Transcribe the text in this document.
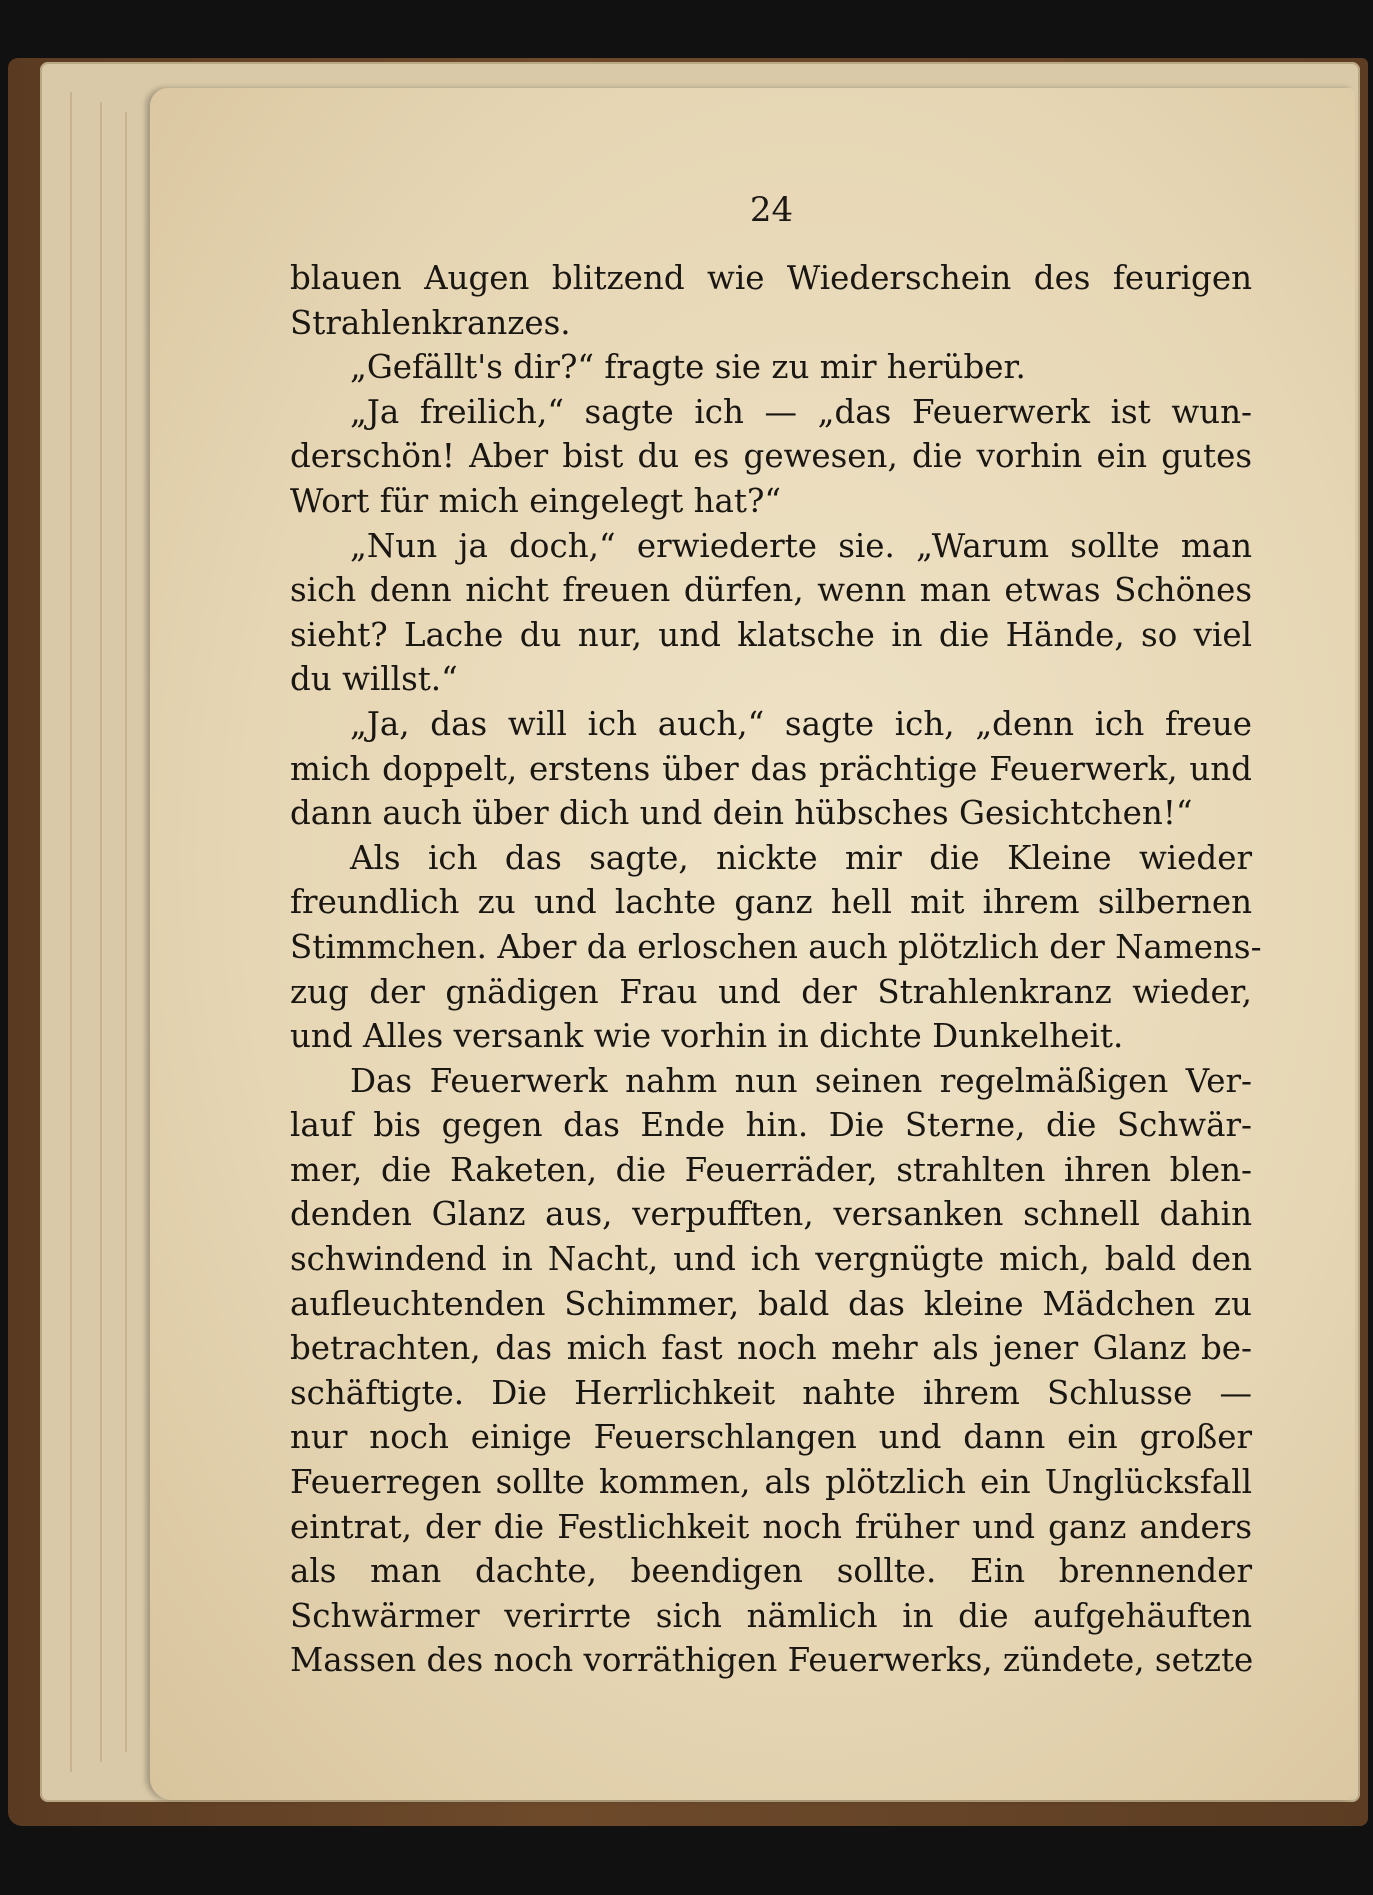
24
blauen Augen blitzend wie Wiederschein des feurigen
Strahlenkranzes.
„Gefällt's dir?“ fragte sie zu mir herüber.
„Ja freilich,“ sagte ich — „das Feuerwerk ist wun-
derschön! Aber bist du es gewesen, die vorhin ein gutes
Wort für mich eingelegt hat?“
„Nun ja doch,“ erwiederte sie. „Warum sollte man
sich denn nicht freuen dürfen, wenn man etwas Schönes
sieht? Lache du nur, und klatsche in die Hände, so viel
du willst.“
„Ja, das will ich auch,“ sagte ich, „denn ich freue
mich doppelt, erstens über das prächtige Feuerwerk, und
dann auch über dich und dein hübsches Gesichtchen!“
Als ich das sagte, nickte mir die Kleine wieder
freundlich zu und lachte ganz hell mit ihrem silbernen
Stimmchen. Aber da erloschen auch plötzlich der Namens-
zug der gnädigen Frau und der Strahlenkranz wieder,
und Alles versank wie vorhin in dichte Dunkelheit.
Das Feuerwerk nahm nun seinen regelmäßigen Ver-
lauf bis gegen das Ende hin. Die Sterne, die Schwär-
mer, die Raketen, die Feuerräder, strahlten ihren blen-
denden Glanz aus, verpufften, versanken schnell dahin
schwindend in Nacht, und ich vergnügte mich, bald den
aufleuchtenden Schimmer, bald das kleine Mädchen zu
betrachten, das mich fast noch mehr als jener Glanz be-
schäftigte. Die Herrlichkeit nahte ihrem Schlusse —
nur noch einige Feuerschlangen und dann ein großer
Feuerregen sollte kommen, als plötzlich ein Unglücksfall
eintrat, der die Festlichkeit noch früher und ganz anders
als man dachte, beendigen sollte. Ein brennender
Schwärmer verirrte sich nämlich in die aufgehäuften
Massen des noch vorräthigen Feuerwerks, zündete, setzte
